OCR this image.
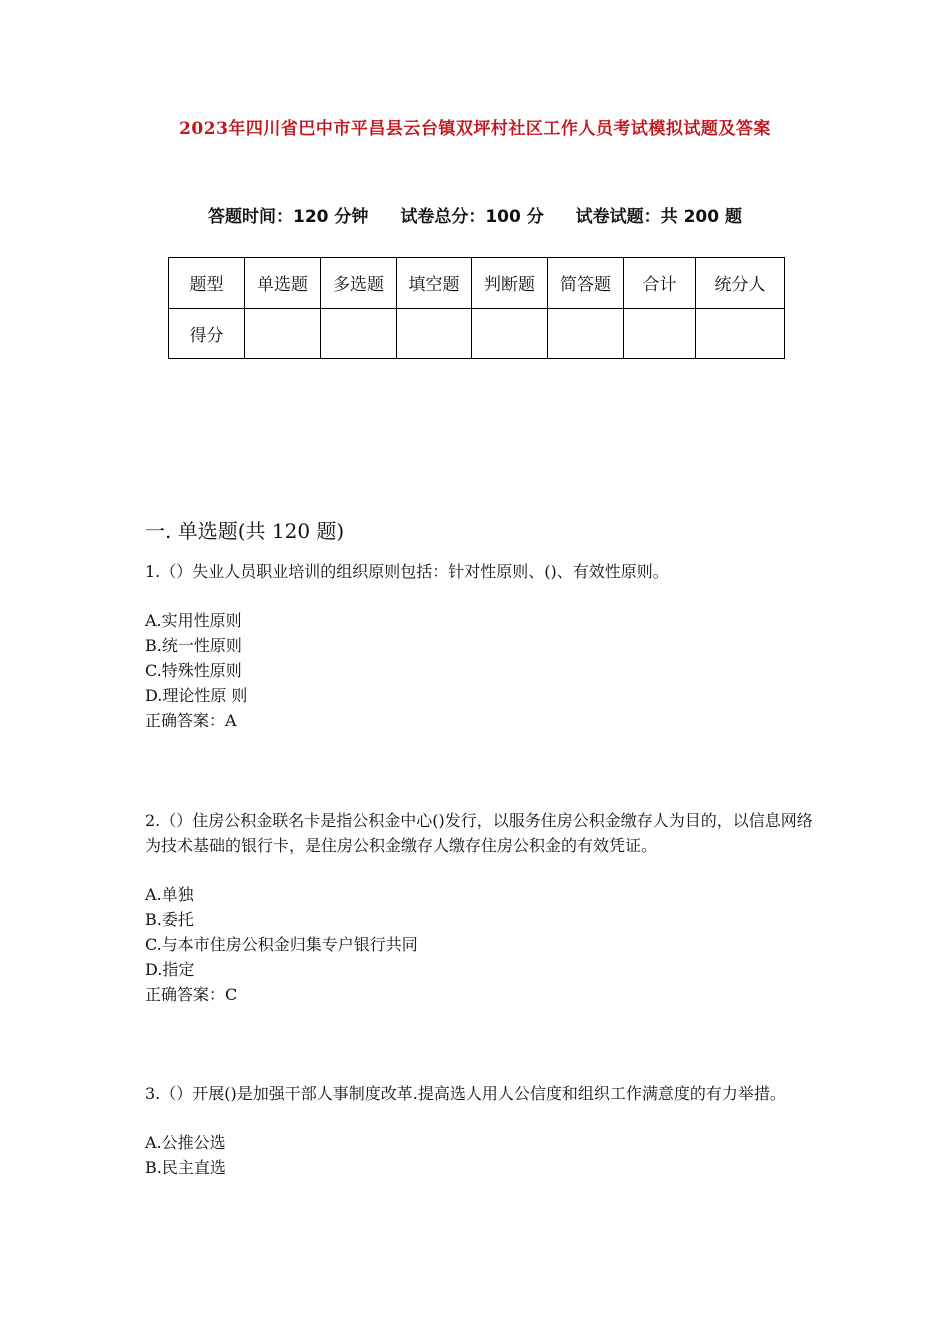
2023年四川省巴中市平昌县云台镇双坪村社区工作人员考试模拟试题及答案
答题时间：120 分钟 试卷总分：100 分 试卷试题：共 200 题
题型	单选题	多选题	填空题	判断题	简答题	合计	统分人
得分							
一. 单选题(共 120 题)

1.（）失业人员职业培训的组织原则包括：针对性原则、()、有效性原则。

A.实用性原则

B.统一性原则

C.特殊性原则

D.理论性原 则

正确答案：A

2.（）住房公积金联名卡是指公积金中心()发行，以服务住房公积金缴存人为目的，以信息网络为技术基础的银行卡，是住房公积金缴存人缴存住房公积金的有效凭证。

A.单独

B.委托

C.与本市住房公积金归集专户银行共同

D.指定

正确答案：C

3.（）开展()是加强干部人事制度改革.提高选人用人公信度和组织工作满意度的有力举措。

A.公推公选

B.民主直选
